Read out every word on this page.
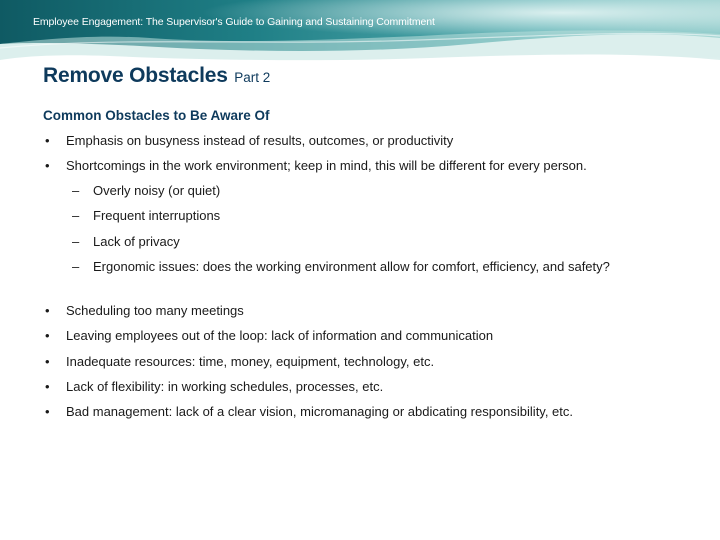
Employee Engagement: The Supervisor's Guide to Gaining and Sustaining Commitment
Remove Obstacles Part 2
Common Obstacles to Be Aware Of
• Emphasis on busyness instead of results, outcomes, or productivity
• Shortcomings in the work environment; keep in mind, this will be different for every person.
– Overly noisy (or quiet)
– Frequent interruptions
– Lack of privacy
– Ergonomic issues: does the working environment allow for comfort, efficiency, and safety?
• Scheduling too many meetings
• Leaving employees out of the loop: lack of information and communication
• Inadequate resources: time, money, equipment, technology, etc.
• Lack of flexibility: in working schedules, processes, etc.
• Bad management: lack of a clear vision, micromanaging or abdicating responsibility, etc.
